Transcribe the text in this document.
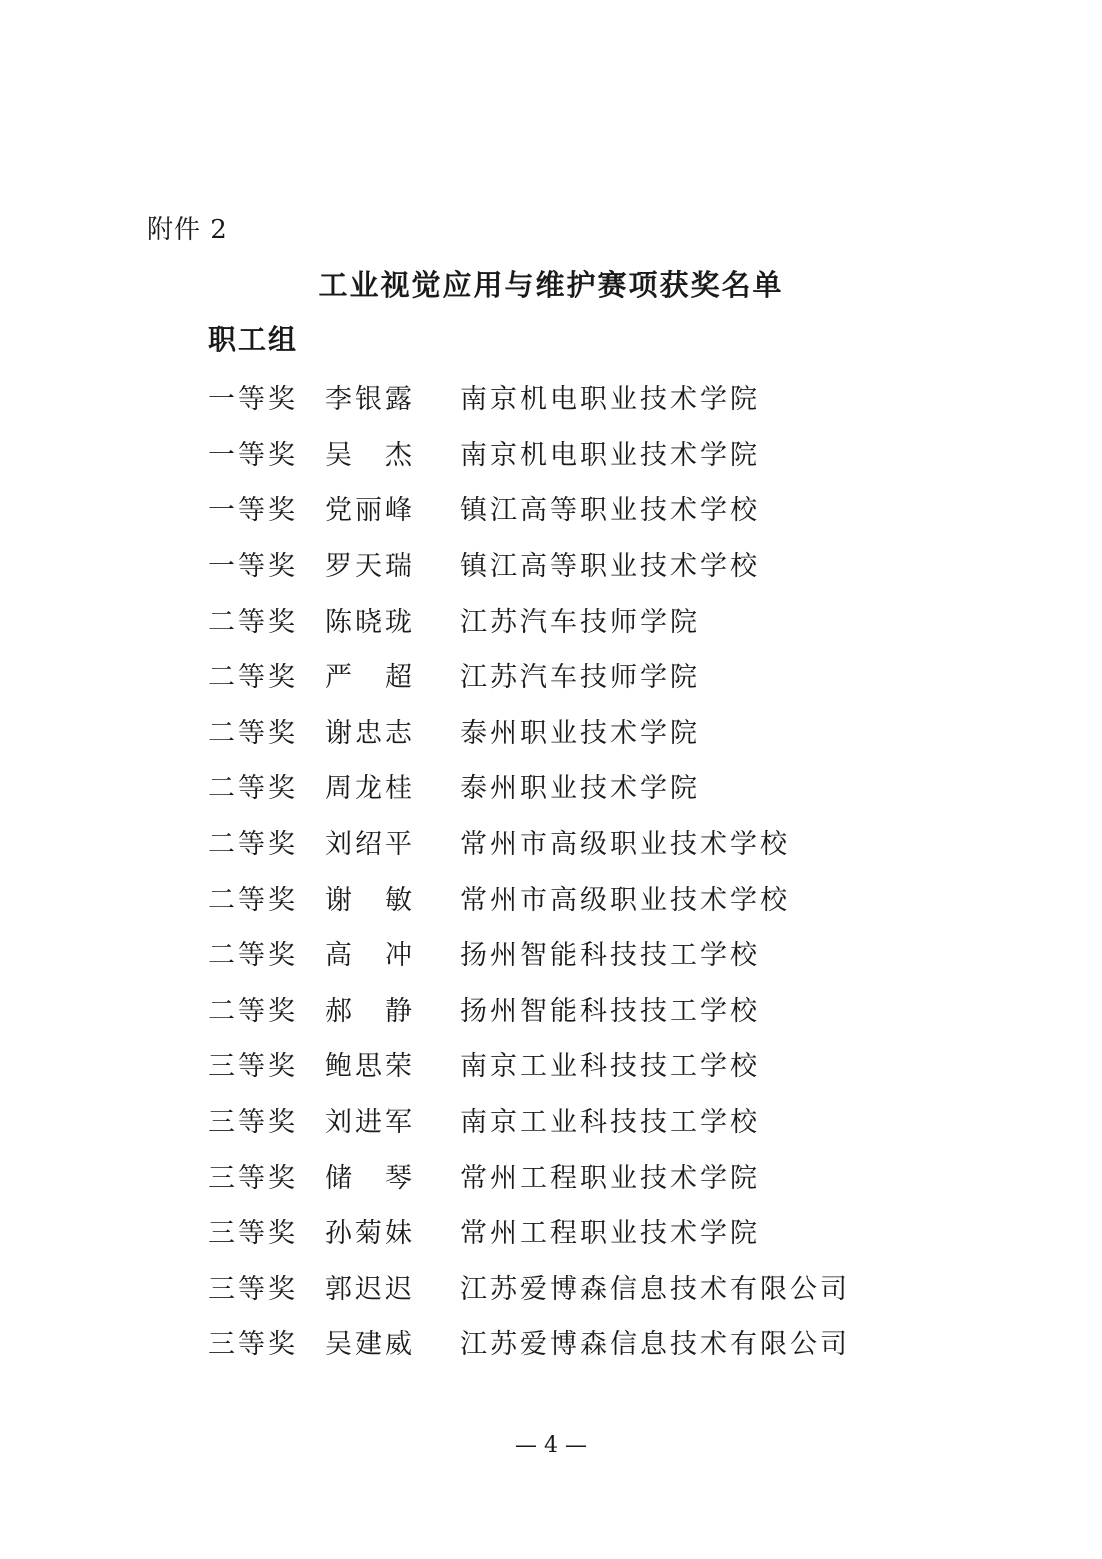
附件 2
工业视觉应用与维护赛项获奖名单
职工组
一等奖	李银露	南京机电职业技术学院
一等奖	吴　杰	南京机电职业技术学院
一等奖	党丽峰	镇江高等职业技术学校
一等奖	罗天瑞	镇江高等职业技术学校
二等奖	陈晓珑	江苏汽车技师学院
二等奖	严　超	江苏汽车技师学院
二等奖	谢忠志	泰州职业技术学院
二等奖	周龙桂	泰州职业技术学院
二等奖	刘绍平	常州市高级职业技术学校
二等奖	谢　敏	常州市高级职业技术学校
二等奖	高　冲	扬州智能科技技工学校
二等奖	郝　静	扬州智能科技技工学校
三等奖	鲍思荣	南京工业科技技工学校
三等奖	刘进军	南京工业科技技工学校
三等奖	储　琴	常州工程职业技术学院
三等奖	孙菊妹	常州工程职业技术学院
三等奖	郭迟迟	江苏爱博森信息技术有限公司
三等奖	吴建威	江苏爱博森信息技术有限公司
— 4 —
